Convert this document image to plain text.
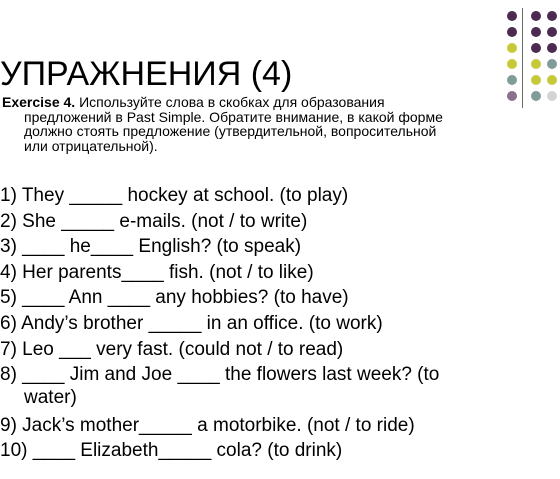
УПРАЖНЕНИЯ (4)
Exercise 4. Используйте слова в скобках для образования
предложений в Past Simple. Обратите внимание, в какой форме
должно стоять предложение (утвердительной, вопросительной
или отрицательной).
1) They _____ hockey at school. (to play)
2) She _____ e-mails. (not / to write)
3) ____ he____ English? (to speak)
4) Her parents____ fish. (not / to like)
5) ____ Ann ____ any hobbies? (to have)
6) Andy’s brother _____ in an office. (to work)
7) Leo ___ very fast. (could not / to read)
8) ____ Jim and Joe ____ the flowers last week? (to
water)
9) Jack’s mother_____ a motorbike. (not / to ride)
10) ____ Elizabeth_____ cola? (to drink)
